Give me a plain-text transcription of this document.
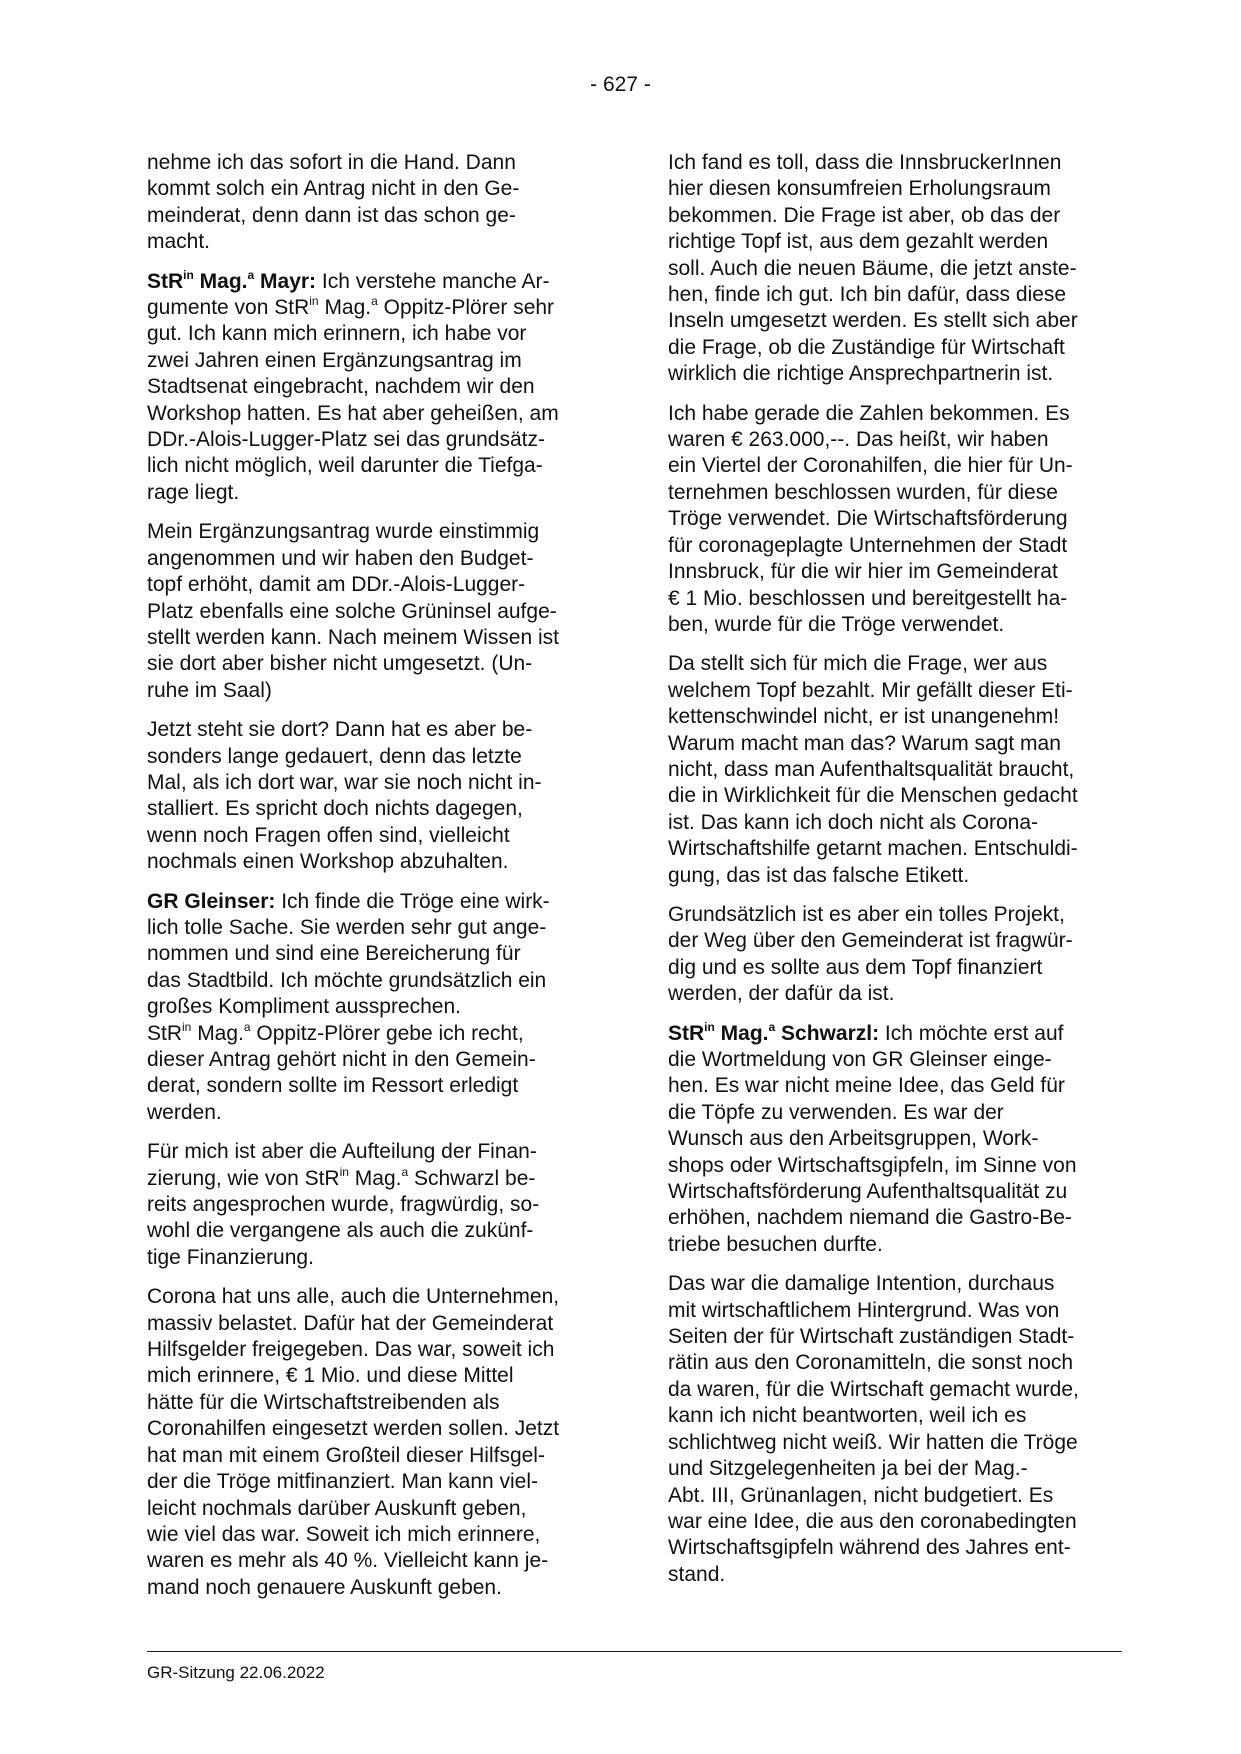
- 627 -

nehme ich das sofort in die Hand. Dann
kommt solch ein Antrag nicht in den Ge-
meinderat, denn dann ist das schon ge-
macht.

StR$^{in}$ Mag.$^a$ Mayr: Ich verstehe manche Ar-
gumente von StR$^{in}$ Mag.$^a$ Oppitz-Plörer sehr
gut. Ich kann mich erinnern, ich habe vor
zwei Jahren einen Ergänzungsantrag im
Stadtsenat eingebracht, nachdem wir den
Workshop hatten. Es hat aber geheißen, am
DDr.-Alois-Lugger-Platz sei das grundsätz-
lich nicht möglich, weil darunter die Tiefga-
rage liegt.

Mein Ergänzungsantrag wurde einstimmig
angenommen und wir haben den Budget-
topf erhöht, damit am DDr.-Alois-Lugger-
Platz ebenfalls eine solche Grüninsel aufge-
stellt werden kann. Nach meinem Wissen ist
sie dort aber bisher nicht umgesetzt. (Un-
ruhe im Saal)

Jetzt steht sie dort? Dann hat es aber be-
sonders lange gedauert, denn das letzte
Mal, als ich dort war, war sie noch nicht in-
stalliert. Es spricht doch nichts dagegen,
wenn noch Fragen offen sind, vielleicht
nochmals einen Workshop abzuhalten.

GR Gleinser: Ich finde die Tröge eine wirk-
lich tolle Sache. Sie werden sehr gut ange-
nommen und sind eine Bereicherung für
das Stadtbild. Ich möchte grundsätzlich ein
großes Kompliment aussprechen.
StR$^{in}$ Mag.$^a$ Oppitz-Plörer gebe ich recht,
dieser Antrag gehört nicht in den Gemein-
derat, sondern sollte im Ressort erledigt
werden.

Für mich ist aber die Aufteilung der Finan-
zierung, wie von StR$^{in}$ Mag.$^a$ Schwarzl be-
reits angesprochen wurde, fragwürdig, so-
wohl die vergangene als auch die zukünf-
tige Finanzierung.

Corona hat uns alle, auch die Unternehmen,
massiv belastet. Dafür hat der Gemeinderat
Hilfsgelder freigegeben. Das war, soweit ich
mich erinnere, € 1 Mio. und diese Mittel
hätte für die Wirtschaftstreibenden als
Coronahilfen eingesetzt werden sollen. Jetzt
hat man mit einem Großteil dieser Hilfsgel-
der die Tröge mitfinanziert. Man kann viel-
leicht nochmals darüber Auskunft geben,
wie viel das war. Soweit ich mich erinnere,
waren es mehr als 40 %. Vielleicht kann je-
mand noch genauere Auskunft geben.

Ich fand es toll, dass die InnsbruckerInnen
hier diesen konsumfreien Erholungsraum
bekommen. Die Frage ist aber, ob das der
richtige Topf ist, aus dem gezahlt werden
soll. Auch die neuen Bäume, die jetzt anste-
hen, finde ich gut. Ich bin dafür, dass diese
Inseln umgesetzt werden. Es stellt sich aber
die Frage, ob die Zuständige für Wirtschaft
wirklich die richtige Ansprechpartnerin ist.

Ich habe gerade die Zahlen bekommen. Es
waren € 263.000,--. Das heißt, wir haben
ein Viertel der Coronahilfen, die hier für Un-
ternehmen beschlossen wurden, für diese
Tröge verwendet. Die Wirtschaftsförderung
für coronageplagte Unternehmen der Stadt
Innsbruck, für die wir hier im Gemeinderat
€ 1 Mio. beschlossen und bereitgestellt ha-
ben, wurde für die Tröge verwendet.

Da stellt sich für mich die Frage, wer aus
welchem Topf bezahlt. Mir gefällt dieser Eti-
kettenschwindel nicht, er ist unangenehm!
Warum macht man das? Warum sagt man
nicht, dass man Aufenthaltsqualität braucht,
die in Wirklichkeit für die Menschen gedacht
ist. Das kann ich doch nicht als Corona-
Wirtschaftshilfe getarnt machen. Entschuldi-
gung, das ist das falsche Etikett.

Grundsätzlich ist es aber ein tolles Projekt,
der Weg über den Gemeinderat ist fragwür-
dig und es sollte aus dem Topf finanziert
werden, der dafür da ist.

StR$^{in}$ Mag.$^a$ Schwarzl: Ich möchte erst auf
die Wortmeldung von GR Gleinser einge-
hen. Es war nicht meine Idee, das Geld für
die Töpfe zu verwenden. Es war der
Wunsch aus den Arbeitsgruppen, Work-
shops oder Wirtschaftsgipfeln, im Sinne von
Wirtschaftsförderung Aufenthaltsqualität zu
erhöhen, nachdem niemand die Gastro-Be-
triebe besuchen durfte.

Das war die damalige Intention, durchaus
mit wirtschaftlichem Hintergrund. Was von
Seiten der für Wirtschaft zuständigen Stadt-
rätin aus den Coronamitteln, die sonst noch
da waren, für die Wirtschaft gemacht wurde,
kann ich nicht beantworten, weil ich es
schlichtweg nicht weiß. Wir hatten die Tröge
und Sitzgelegenheiten ja bei der Mag.-
Abt. III, Grünanlagen, nicht budgetiert. Es
war eine Idee, die aus den coronabedingten
Wirtschaftsgipfeln während des Jahres ent-
stand.

GR-Sitzung 22.06.2022
